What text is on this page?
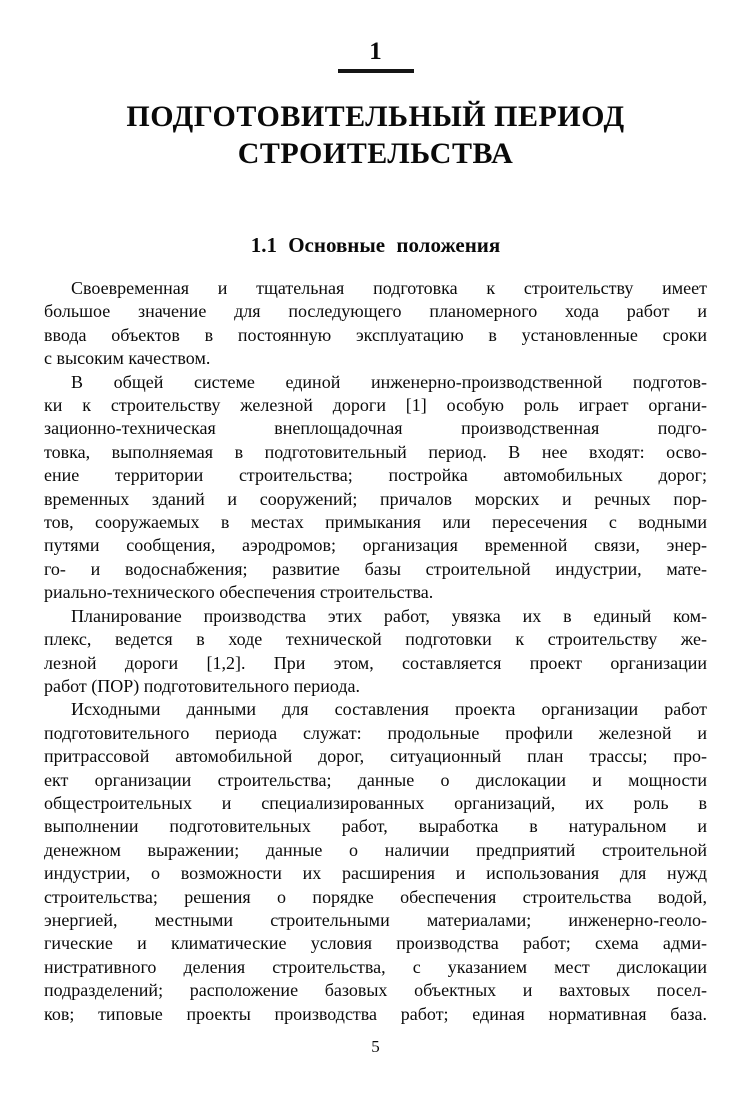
1
ПОДГОТОВИТЕЛЬНЫЙ ПЕРИОД
СТРОИТЕЛЬСТВА
1.1 Основные положения
Своевременная и тщательная подготовка к строительству имеет
большое значение для последующего планомерного хода работ и
ввода объектов в постоянную эксплуатацию в установленные сроки
с высоким качеством.
В общей системе единой инженерно-производственной подготов-
ки к строительству железной дороги [1] особую роль играет органи-
зационно-техническая внеплощадочная производственная подго-
товка, выполняемая в подготовительный период. В нее входят: осво-
ение территории строительства; постройка автомобильных дорог;
временных зданий и сооружений; причалов морских и речных пор-
тов, сооружаемых в местах примыкания или пересечения с водными
путями сообщения, аэродромов; организация временной связи, энер-
го- и водоснабжения; развитие базы строительной индустрии, мате-
риально-технического обеспечения строительства.
Планирование производства этих работ, увязка их в единый ком-
плекс, ведется в ходе технической подготовки к строительству же-
лезной дороги [1,2]. При этом, составляется проект организации
работ (ПОР) подготовительного периода.
Исходными данными для составления проекта организации работ
подготовительного периода служат: продольные профили железной и
притрассовой автомобильной дорог, ситуационный план трассы; про-
ект организации строительства; данные о дислокации и мощности
общестроительных и специализированных организаций, их роль в
выполнении подготовительных работ, выработка в натуральном и
денежном выражении; данные о наличии предприятий строительной
индустрии, о возможности их расширения и использования для нужд
строительства; решения о порядке обеспечения строительства водой,
энергией, местными строительными материалами; инженерно-геоло-
гические и климатические условия производства работ; схема адми-
нистративного деления строительства, с указанием мест дислокации
подразделений; расположение базовых объектных и вахтовых посел-
ков; типовые проекты производства работ; единая нормативная база.
5
